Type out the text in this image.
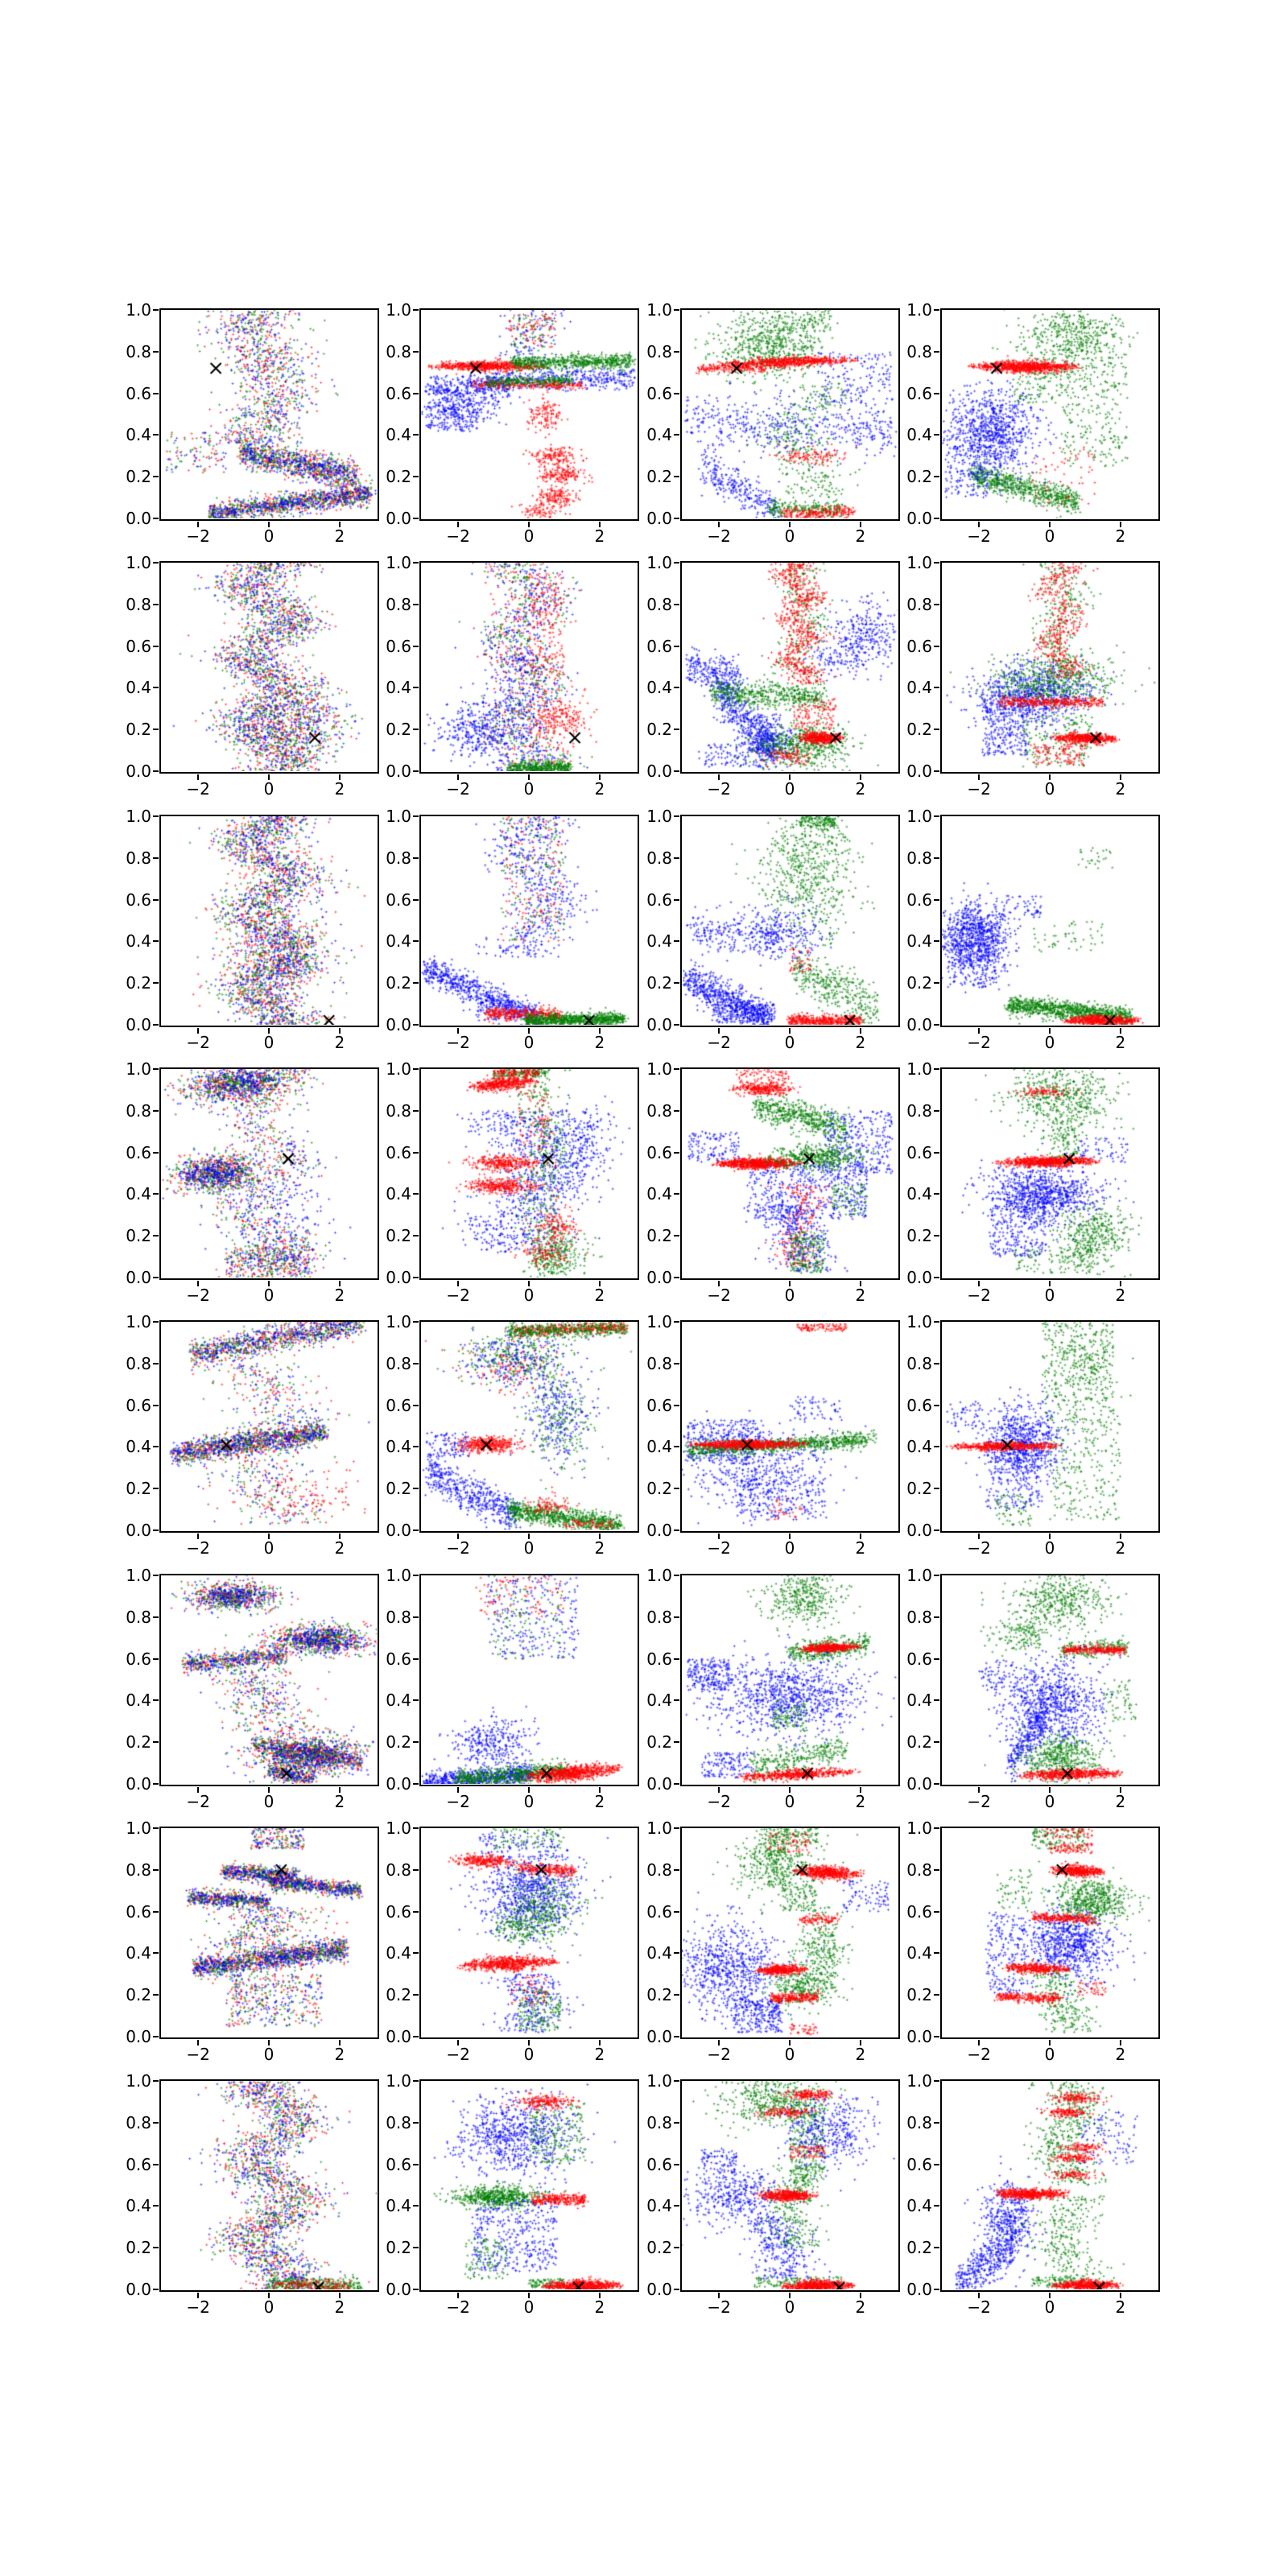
−2	0	2
0.0
0.2
0.4
0.6
0.8
1.0
−2	0	2
0.0
0.2
0.4
0.6
0.8
1.0
−2	0	2
0.0
0.2
0.4
0.6
0.8
1.0
−2	0	2
0.0
0.2
0.4
0.6
0.8
1.0
−2	0	2
0.0
0.2
0.4
0.6
0.8
1.0
−2	0	2
0.0
0.2
0.4
0.6
0.8
1.0
−2	0	2
0.0
0.2
0.4
0.6
0.8
1.0
−2	0	2
0.0
0.2
0.4
0.6
0.8
1.0
−2	0	2
0.0
0.2
0.4
0.6
0.8
1.0
−2	0	2
0.0
0.2
0.4
0.6
0.8
1.0
−2	0	2
0.0
0.2
0.4
0.6
0.8
1.0
−2	0	2
0.0
0.2
0.4
0.6
0.8
1.0
−2	0	2
0.0
0.2
0.4
0.6
0.8
1.0
−2	0	2
0.0
0.2
0.4
0.6
0.8
1.0
−2	0	2
0.0
0.2
0.4
0.6
0.8
1.0
−2	0	2
0.0
0.2
0.4
0.6
0.8
1.0
−2	0	2
0.0
0.2
0.4
0.6
0.8
1.0
−2	0	2
0.0
0.2
0.4
0.6
0.8
1.0
−2	0	2
0.0
0.2
0.4
0.6
0.8
1.0
−2	0	2
0.0
0.2
0.4
0.6
0.8
1.0
−2	0	2
0.0
0.2
0.4
0.6
0.8
1.0
−2	0	2
0.0
0.2
0.4
0.6
0.8
1.0
−2	0	2
0.0
0.2
0.4
0.6
0.8
1.0
−2	0	2
0.0
0.2
0.4
0.6
0.8
1.0
−2	0	2
0.0
0.2
0.4
0.6
0.8
1.0
−2	0	2
0.0
0.2
0.4
0.6
0.8
1.0
−2	0	2
0.0
0.2
0.4
0.6
0.8
1.0
−2	0	2
0.0
0.2
0.4
0.6
0.8
1.0
−2	0	2
0.0
0.2
0.4
0.6
0.8
1.0
−2	0	2
0.0
0.2
0.4
0.6
0.8
1.0
−2	0	2
0.0
0.2
0.4
0.6
0.8
1.0
−2	0	2
0.0
0.2
0.4
0.6
0.8
1.0
